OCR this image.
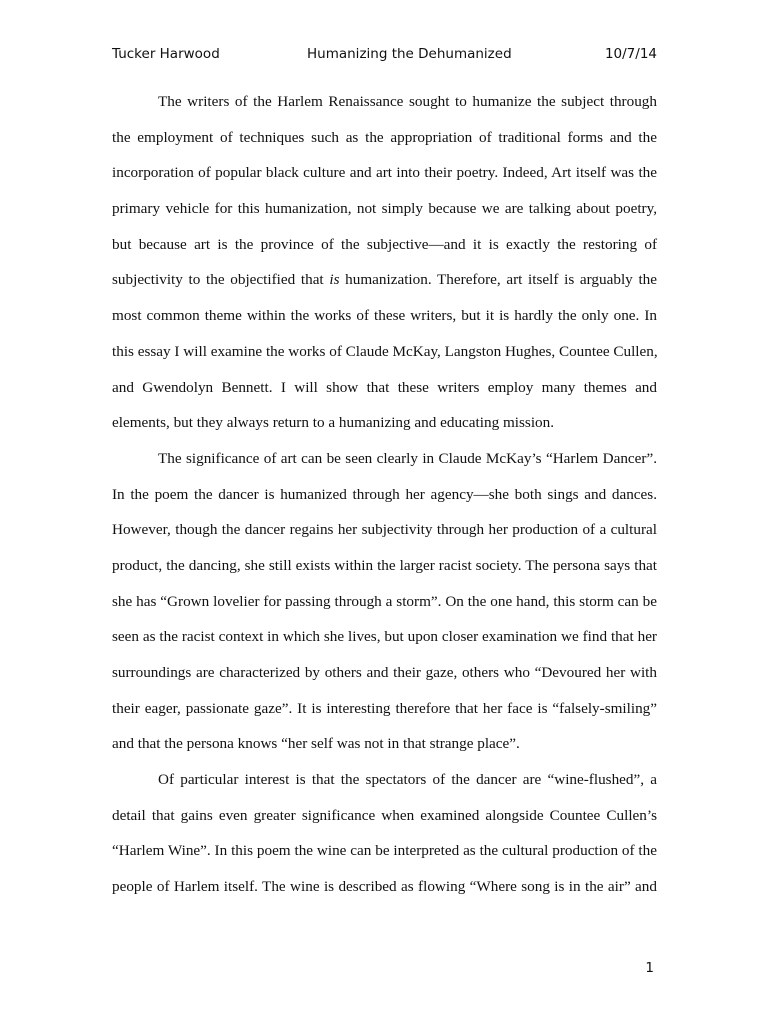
Tucker Harwood	Humanizing the Dehumanized	10/7/14
The writers of the Harlem Renaissance sought to humanize the subject through
the employment of techniques such as the appropriation of traditional forms and the
incorporation of popular black culture and art into their poetry. Indeed, Art itself was the
primary vehicle for this humanization, not simply because we are talking about poetry,
but because art is the province of the subjective—and it is exactly the restoring of
subjectivity to the objectified that is humanization. Therefore, art itself is arguably the
most common theme within the works of these writers, but it is hardly the only one. In
this essay I will examine the works of Claude McKay, Langston Hughes, Countee Cullen,
and Gwendolyn Bennett. I will show that these writers employ many themes and
elements, but they always return to a humanizing and educating mission.
The significance of art can be seen clearly in Claude McKay’s “Harlem Dancer”.
In the poem the dancer is humanized through her agency—she both sings and dances.
However, though the dancer regains her subjectivity through her production of a cultural
product, the dancing, she still exists within the larger racist society. The persona says that
she has “Grown lovelier for passing through a storm”. On the one hand, this storm can be
seen as the racist context in which she lives, but upon closer examination we find that her
surroundings are characterized by others and their gaze, others who “Devoured her with
their eager, passionate gaze”. It is interesting therefore that her face is “falsely-smiling”
and that the persona knows “her self was not in that strange place”.
Of particular interest is that the spectators of the dancer are “wine-flushed”, a
detail that gains even greater significance when examined alongside Countee Cullen’s
“Harlem Wine”. In this poem the wine can be interpreted as the cultural production of the
people of Harlem itself. The wine is described as flowing “Where song is in the air” and
1
